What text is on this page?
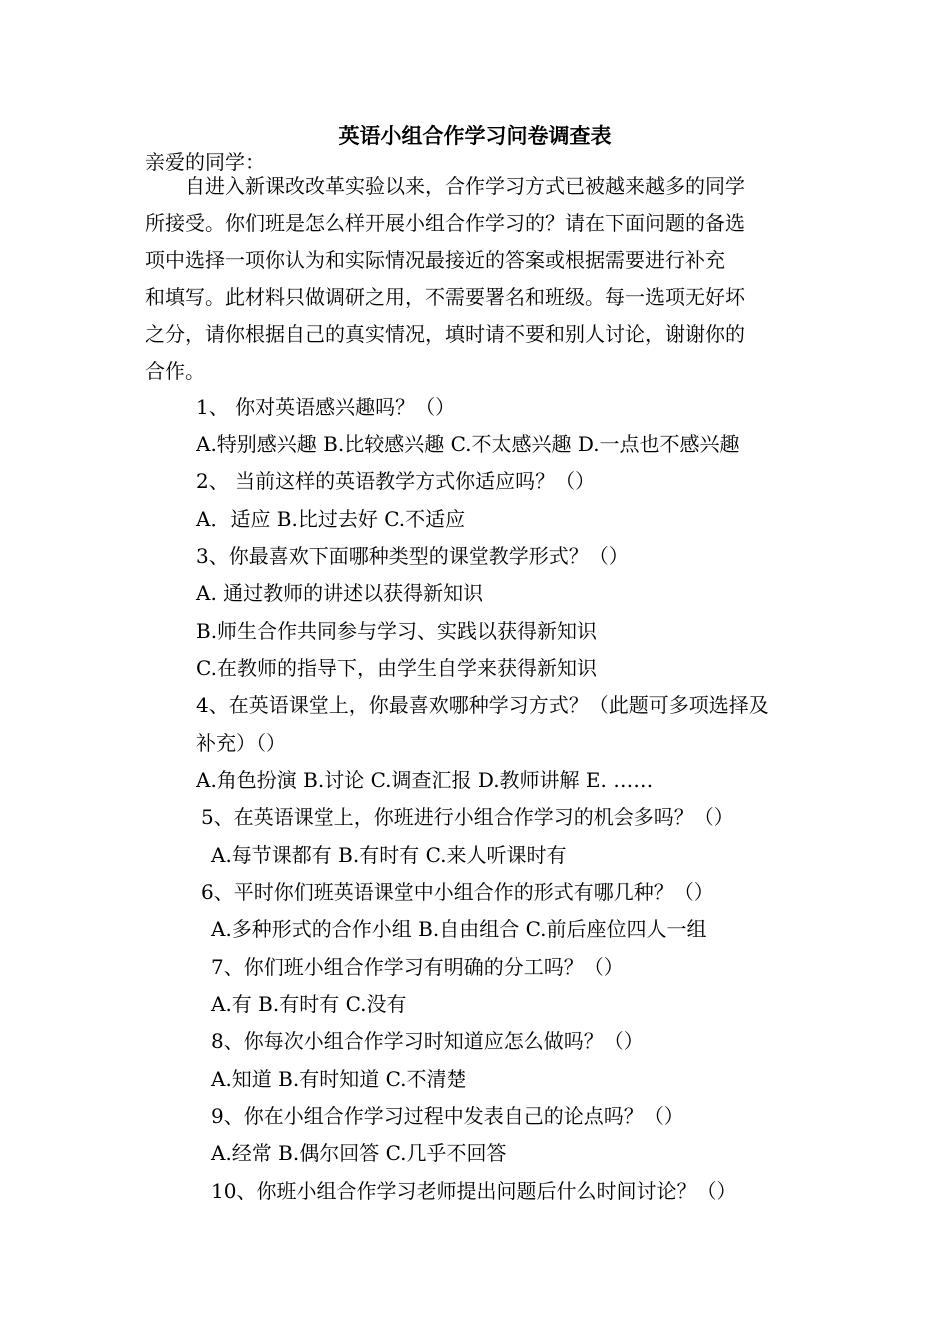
英语小组合作学习问卷调查表
亲爱的同学：
自进入新课改改革实验以来，合作学习方式已被越来越多的同学
所接受。你们班是怎么样开展小组合作学习的？请在下面问题的备选
项中选择一项你认为和实际情况最接近的答案或根据需要进行补充
和填写。此材料只做调研之用，不需要署名和班级。每一选项无好坏
之分，请你根据自己的真实情况，填时请不要和别人讨论，谢谢你的
合作。
1、 你对英语感兴趣吗？（）
A.特别感兴趣 B.比较感兴趣 C.不太感兴趣 D.一点也不感兴趣
2、 当前这样的英语教学方式你适应吗？（）
A．适应 B.比过去好 C.不适应
3、你最喜欢下面哪种类型的课堂教学形式？（）
A. 通过教师的讲述以获得新知识
B.师生合作共同参与学习、实践以获得新知识
C.在教师的指导下，由学生自学来获得新知识
4、在英语课堂上，你最喜欢哪种学习方式？（此题可多项选择及
补充）（）
A.角色扮演 B.讨论 C.调查汇报 D.教师讲解 E. ……
5、在英语课堂上，你班进行小组合作学习的机会多吗？（）
A.每节课都有 B.有时有 C.来人听课时有
6、平时你们班英语课堂中小组合作的形式有哪几种？（）
A.多种形式的合作小组 B.自由组合 C.前后座位四人一组
7、你们班小组合作学习有明确的分工吗？（）
A.有 B.有时有 C.没有
8、你每次小组合作学习时知道应怎么做吗？（）
A.知道 B.有时知道 C.不清楚
9、你在小组合作学习过程中发表自己的论点吗？（）
A.经常 B.偶尔回答 C.几乎不回答
10、你班小组合作学习老师提出问题后什么时间讨论？（）
